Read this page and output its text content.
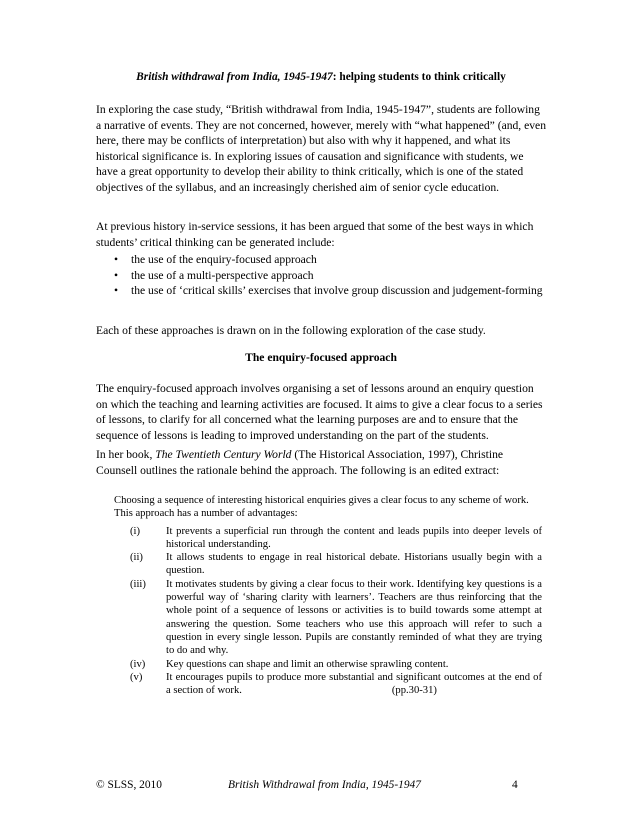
British withdrawal from India, 1945-1947: helping students to think critically

In exploring the case study, “British withdrawal from India, 1945-1947”, students are following a narrative of events. They are not concerned, however, merely with “what happened” (and, even here, there may be conflicts of interpretation) but also with why it happened, and what its historical significance is. In exploring issues of causation and significance with students, we have a great opportunity to develop their ability to think critically, which is one of the stated objectives of the syllabus, and an increasingly cherished aim of senior cycle education.

At previous history in-service sessions, it has been argued that some of the best ways in which students’ critical thinking can be generated include:

• the use of the enquiry-focused approach
• the use of a multi-perspective approach
• the use of ‘critical skills’ exercises that involve group discussion and judgement-forming

Each of these approaches is drawn on in the following exploration of the case study.

The enquiry-focused approach

The enquiry-focused approach involves organising a set of lessons around an enquiry question on which the teaching and learning activities are focused. It aims to give a clear focus to a series of lessons, to clarify for all concerned what the learning purposes are and to ensure that the sequence of lessons is leading to improved understanding on the part of the students.

In her book, The Twentieth Century World (The Historical Association, 1997), Christine Counsell outlines the rationale behind the approach. The following is an edited extract:

Choosing a sequence of interesting historical enquiries gives a clear focus to any scheme of work. This approach has a number of advantages:

(i)	It prevents a superficial run through the content and leads pupils into deeper levels of historical understanding.
(ii)	It allows students to engage in real historical debate. Historians usually begin with a question.
(iii)	It motivates students by giving a clear focus to their work. Identifying key questions is a powerful way of ‘sharing clarity with learners’. Teachers are thus reinforcing that the whole point of a sequence of lessons or activities is to build towards some attempt at answering the question. Some teachers who use this approach will refer to such a question in every single lesson. Pupils are constantly reminded of what they are trying to do and why.
(iv)	Key questions can shape and limit an otherwise sprawling content.
(v)	It encourages pupils to produce more substantial and significant outcomes at the end of a section of work.	(pp.30-31)
© SLSS, 2010	British Withdrawal from India, 1945-1947	4
